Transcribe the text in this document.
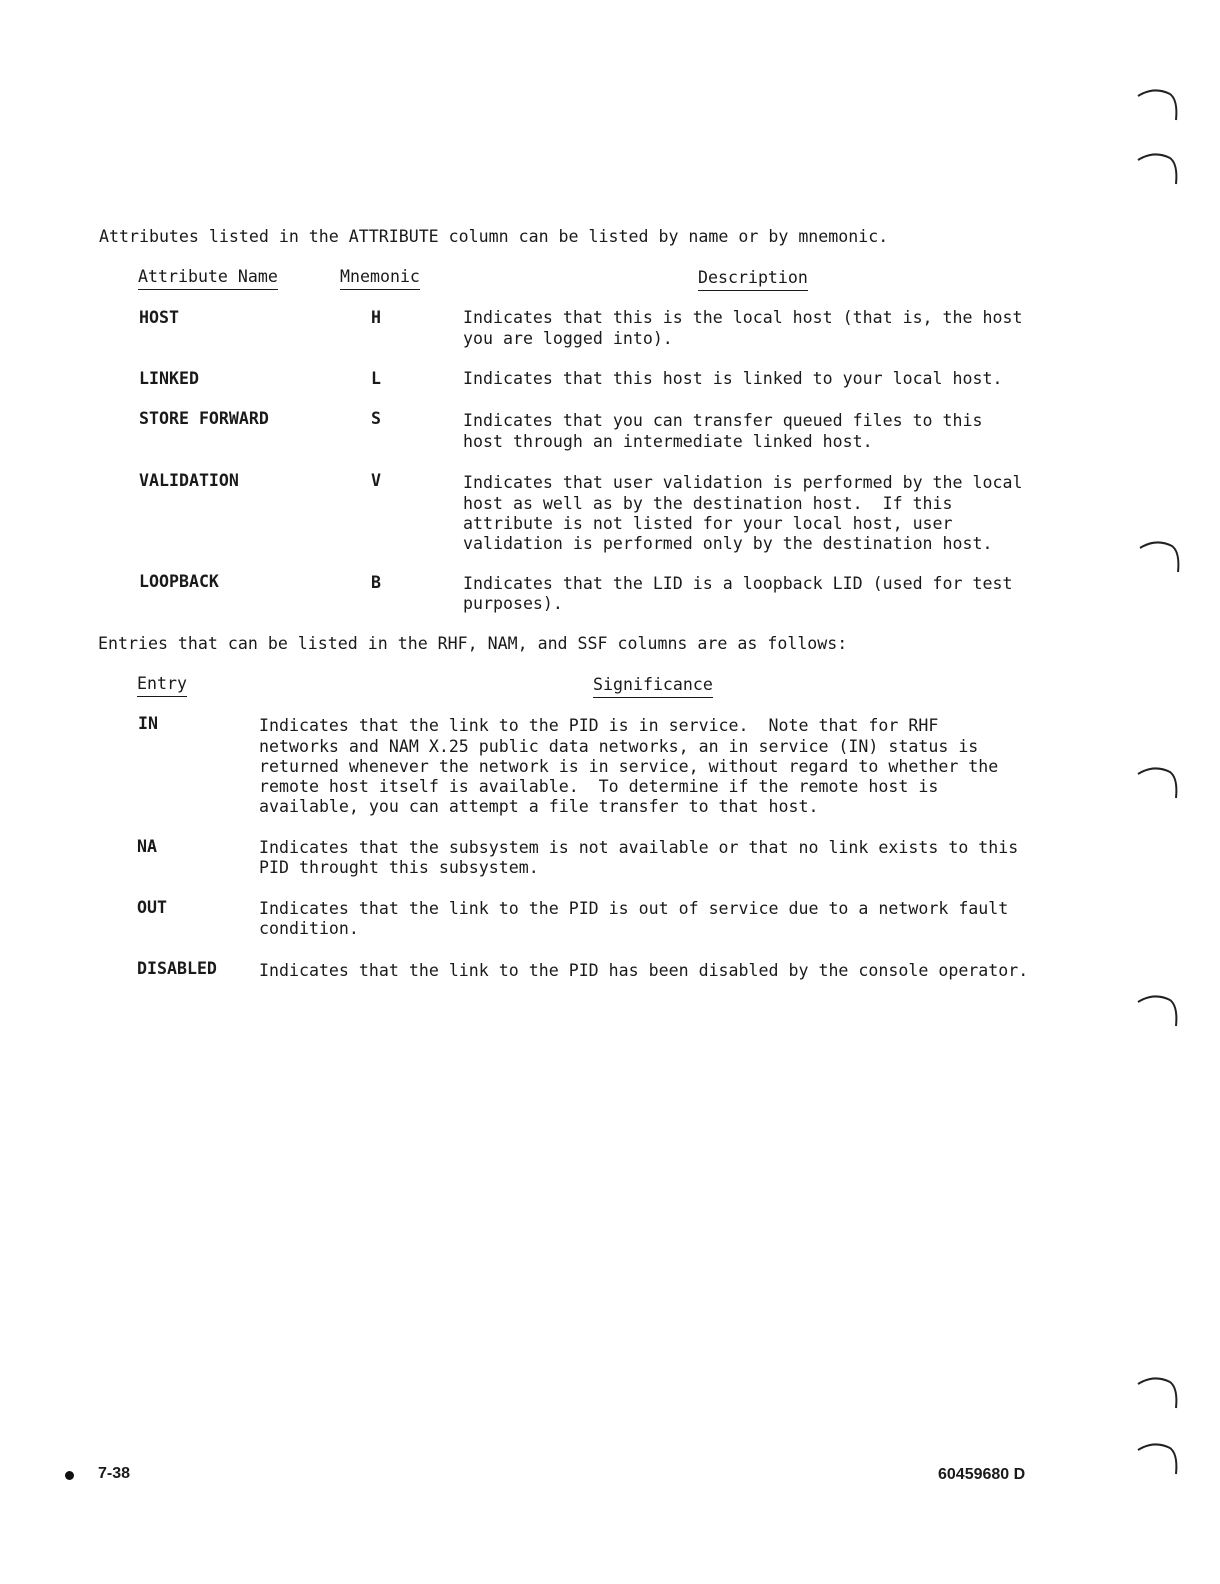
Attributes listed in the ATTRIBUTE column can be listed by name or by mnemonic.
Attribute Name	Mnemonic	Description
HOST	H	Indicates that this is the local host (that is, the host
you are logged into).
LINKED	L	Indicates that this host is linked to your local host.
STORE FORWARD	S	Indicates that you can transfer queued files to this
host through an intermediate linked host.
VALIDATION	V	Indicates that user validation is performed by the local
host as well as by the destination host.  If this
attribute is not listed for your local host, user
validation is performed only by the destination host.
LOOPBACK	B	Indicates that the LID is a loopback LID (used for test
purposes).
Entries that can be listed in the RHF, NAM, and SSF columns are as follows:
Entry	Significance
IN	Indicates that the link to the PID is in service.  Note that for RHF
networks and NAM X.25 public data networks, an in service (IN) status is
returned whenever the network is in service, without regard to whether the
remote host itself is available.  To determine if the remote host is
available, you can attempt a file transfer to that host.
NA	Indicates that the subsystem is not available or that no link exists to this
PID throught this subsystem.
OUT	Indicates that the link to the PID is out of service due to a network fault
condition.
DISABLED	Indicates that the link to the PID has been disabled by the console operator.
7-38	60459680 D
